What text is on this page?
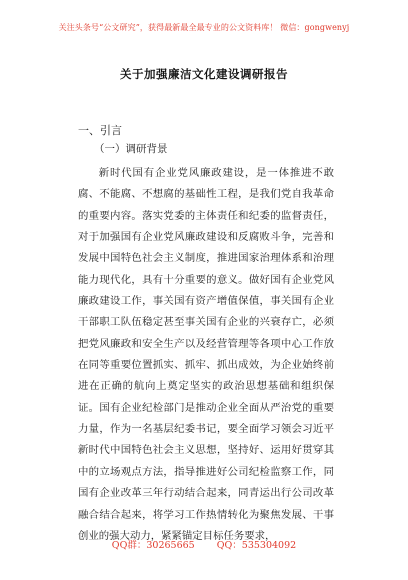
关注头条号“公文研究”，获得最新最全最专业的公文资料库！ 微信：gongwenyj
关于加强廉洁文化建设调研报告
一、引言
（一）调研背景

新时代国有企业党风廉政建设，是一体推进不敢腐、不能腐、不想腐的基础性工程，是我们党自我革命的重要内容。落实党委的主体责任和纪委的监督责任，对于加强国有企业党风廉政建设和反腐败斗争，完善和发展中国特色社会主义制度，推进国家治理体系和治理能力现代化，具有十分重要的意义。做好国有企业党风廉政建设工作，事关国有资产增值保值，事关国有企业干部职工队伍稳定甚至事关国有企业的兴衰存亡，必须把党风廉政和安全生产以及经营管理等各项中心工作放在同等重要位置抓实、抓牢、抓出成效，为企业始终前进在正确的航向上奠定坚实的政治思想基础和组织保证。国有企业纪检部门是推动企业全面从严治党的重要力量，作为一名基层纪委书记，要全面学习领会习近平新时代中国特色社会主义思想，坚持好、运用好贯穿其中的立场观点方法，指导推进好公司纪检监察工作，同国有企业改革三年行动结合起来，同青运出行公司改革融合结合起来，将学习工作热情转化为聚焦发展、干事创业的强大动力，紧紧锚定目标任务要求，

QQ群：30265665 QQ：535304092
